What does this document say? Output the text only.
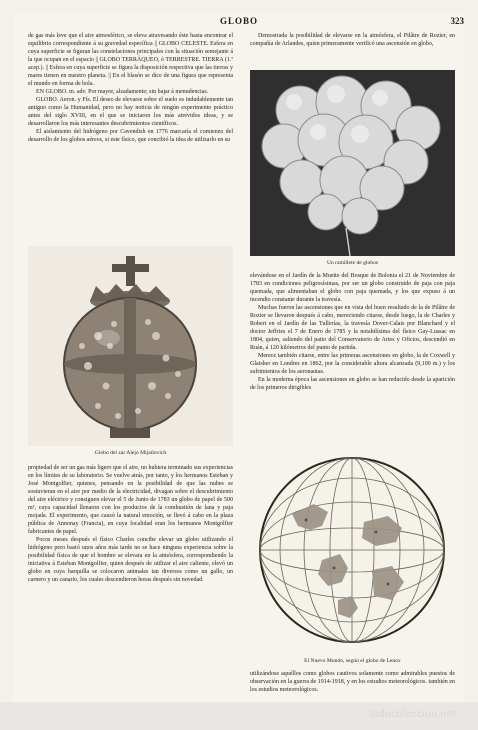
GLOBO	323

de gas más leve que el aire atmosférico, se eleva atravesando éste hasta encontrar el equilibrio correspondiente á su gravedad específica || GLOBO CELESTE. Esfera en cuya superficie se figuran las constelaciones principales con la situación semejante á la que ocupan en el espacio || GLOBO TERRÁQUEO, ó TERRESTRE. TIERRA (1.ª acep.). || Esfera en cuya superficie se figura la disposición respectiva que las tierras y mares tienen en nuestro planeta. || En el blasón se dice de una figura que representa el mundo en forma de bola.

EN GLOBO. m. adv. Por mayor, alzadamente; sin bajar á menudencias.

GLOBO. Aeron. y Fís. El deseo de elevarse sobre el suelo es indudablemente tan antiguo como la Humanidad, pero no hay noticia de ningún experimento práctico antes del siglo XVIII, en el que se iniciaron los más atrevidos ideas, y se desarrollaron los más interesantes descubrimientos científicos.

El aislamiento del hidrógeno por Cavendish en 1776 marcaría el comienzo del desarrollo de los globos aéreos, si este físico, que concibió la idea de utilizarlo en su

Globo del zar Alejo Mijaílovich

propiedad de ser un gas más ligero que el aire, no hubiera terminado sus experiencias en los límites de su laboratorio. Se vuelve atrás, por tanto, y los hermanos Esteban y José Montgolfier, quienes, pensando en la posibilidad de que las nubes se sostuvieran en el aire por medio de la electricidad, divagan sobre el descubrimiento del aire eléctrico y consiguen elevar el 5 de Junio de 1783 un globo de papel de 500 m³, cuya capacidad llenaron con los productos de la combustión de lana y paja mojada. El experimento, que causó la natural emoción, se llevó á cabo en la plaza pública de Annonay (Francia), en cuya localidad eran los hermanos Montgolfier fabricantes de papel.

Pocos meses después el físico Charles concibe elevar un globo utilizando el hidrógeno pero bastó unos años más tarde no se hace ninguna experiencia sobre la posibilidad física de que el hombre se elevara en la atmósfera, correspondiendo la iniciativa á Esteban Montgolfier, quien después de utilizar el aire caliente, elevó un globo en cuya barquilla se colocaron animales tan diversos como un gallo, un carnero y un canario, los cuales descendieron horas después sin novedad.

Demostrada la posibilidad de elevarse en la atmósfera, el Pilâtre de Rozier, en compañía de Arlandes, quien primeramente verificó una ascensión en globo,

Un ramillete de globos

elevándose en el Jardín de la Muette del Bosque de Bolonia el 21 de Noviembre de 1783 en condiciones peligrosísimas, por ser un globo construido de paja con paja quemada, que alimentaban el globo con paja quemada, y los que expuso á un incendio constante durante la travesía.

Muchas fueron las ascensiones que en vista del buen resultado de la de Pilâtre de Rozier se llevaron después á cabo, mereciendo citarse, desde luego, la de Charles y Robert en el Jardín de las Tullerías, la travesía Dover-Calais por Blanchard y el doctor Jeffries el 7 de Enero de 1785 y la notabilísima del físico Gay-Lussac en 1804, quien, saliendo del patio del Conservatorio de Artes y Oficios, descendió en Ruán, á 120 kilómetros del punto de partida.

Merece también citarse, entre las primeras ascensiones en globo, la de Coxwell y Glaisher en Londres en 1862, por la considerable altura alcanzada (9,100 m.) y los sufrimientos de los aeronautas.

En la moderna época las ascensiones en globo se han reducido desde la aparición de los primeros dirigibles

El Nuevo Mundo, según el globo de Lenox

utilizándose aquéllos como globos cautivos solamente como admirables puestos de observación en la guerra de 1914-1918, y en los estudios meteorológicos. también en los estudios meteorológicos.

todocoleccion.net
